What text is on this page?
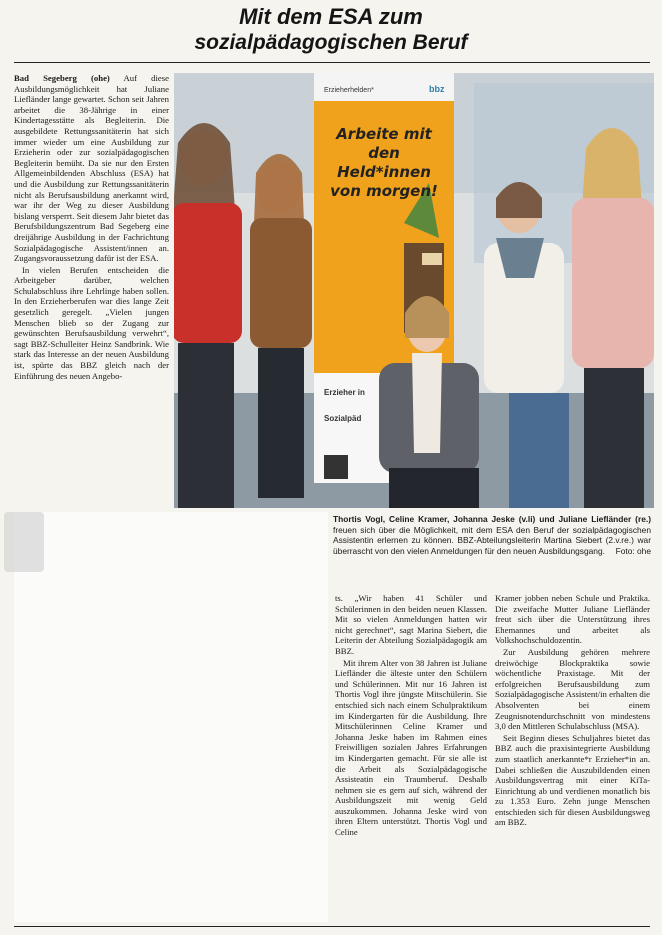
Mit dem ESA zum
sozialpädagogischen Beruf

Bad Segeberg (ohe) Auf diese Ausbildungsmöglichkeit hat Juliane Liefländer lange gewartet. Schon seit Jahren arbeitet die 38-Jährige in einer Kindertagesstätte als Begleiterin. Die ausgebildete Rettungssanitäterin hat sich immer wieder um eine Ausbildung zur Erzieherin oder zur sozialpädagogischen Begleiterin bemüht. Da sie nur den Ersten Allgemeinbildenden Abschluss (ESA) hat und die Ausbildung zur Rettungssanitäterin nicht als Berufsausbildung anerkannt wird, war ihr der Weg zu dieser Ausbildung bislang versperrt. Seit diesem Jahr bietet das Berufsbildungszentrum Bad Segeberg eine dreijährige Ausbildung in der Fachrichtung Sozialpädagogische Assistent/innen an. Zugangsvoraussetzung dafür ist der ESA.

In vielen Berufen entscheiden die Arbeitgeber darüber, welchen Schulabschluss ihre Lehrlinge haben sollen. In den Erzieherberufen war dies lange Zeit gesetzlich geregelt. „Vielen jungen Menschen blieb so der Zugang zur gewünschten Berufsausbildung verwehrt“, sagt BBZ-Schulleiter Heinz Sandbrink. Wie stark das Interesse an der neuen Ausbildung ist, spürte das BBZ gleich nach der Einführung des neuen Angebo-

Erzieherhelden*	bbz
Arbeite mit den Held*innen von morgen!
Erzieher in
Sozialpäd
Thortis Vogl, Celine Kramer, Johanna Jeske (v.li) und Juliane Liefländer (re.) freuen sich über die Möglichkeit, mit dem ESA den Beruf der sozialpädagogischen Assistentin erlernen zu können. BBZ-Abteilungsleiterin Martina Siebert (2.v.re.) war überrascht von den vielen Anmeldungen für den neuen Ausbildungsgang. Foto: ohe

ts. „Wir haben 41 Schüler und Schülerinnen in den beiden neuen Klassen. Mit so vielen Anmeldungen hatten wir nicht gerechnet“, sagt Marina Siebert, die Leiterin der Abteilung Sozialpädagogik am BBZ.

Mit ihrem Alter von 38 Jahren ist Juliane Liefländer die älteste unter den Schülern und Schülerinnen. Mit nur 16 Jahren ist Thortis Vogl ihre jüngste Mitschülerin. Sie entschied sich nach einem Schulpraktikum im Kindergarten für die Ausbildung. Ihre Mitschülerinnen Celine Kramer und Johanna Jeske haben im Rahmen eines Freiwilligen sozialen Jahres Erfahrungen im Kindergarten gemacht. Für sie alle ist die Arbeit als Sozialpädagogische Assisteatin ein Traumberuf. Deshalb nehmen sie es gern auf sich, während der Ausbildungszeit mit wenig Geld auszukommen. Johanna Jeske wird von ihren Eltern unterstützt. Thortis Vogl und Celine

Kramer jobben neben Schule und Praktika. Die zweifache Mutter Juliane Liefländer freut sich über die Unterstützung ihres Ehemannes und arbeitet als Volkshochschuldozentin.

Zur Ausbildung gehören mehrere dreiwöchige Blockpraktika sowie wöchentliche Praxistage. Mit der erfolgreichen Berufsausbildung zum Sozialpädagogische Assistent/in erhalten die Absolventen bei einem Zeugnisnotendurchschnitt von mindestens 3,0 den Mittleren Schulabschluss (MSA).

Seit Beginn dieses Schuljahres bietet das BBZ auch die praxisintegrierte Ausbildung zum staatlich anerkannte*r Erzieher*in an. Dabei schließen die Auszubildenden einen Ausbildungsvertrag mit einer KiTa-Einrichtung ab und verdienen monatlich bis zu 1.353 Euro. Zehn junge Menschen entschieden sich für diesen Ausbildungsweg am BBZ.
